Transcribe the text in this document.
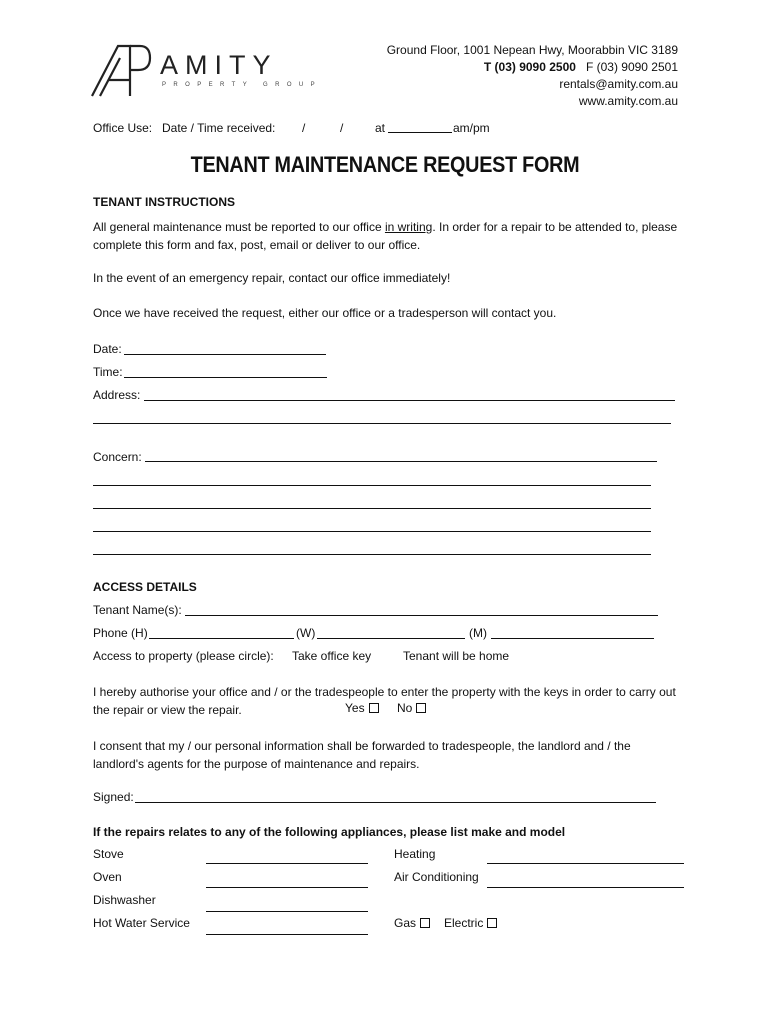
AMITY
PROPERTY GROUP
Ground Floor, 1001 Nepean Hwy, Moorabbin VIC 3189
T (03) 9090 2500 F (03) 9090 2501
rentals@amity.com.au
www.amity.com.au
Office Use: Date / Time received: /	/	at	am/pm
TENANT MAINTENANCE REQUEST FORM
TENANT INSTRUCTIONS
All general maintenance must be reported to our office in writing. In order for a repair to be attended to, please complete this form and fax, post, email or deliver to our office.
In the event of an emergency repair, contact our office immediately!
Once we have received the request, either our office or a tradesperson will contact you.
Date:
Time:
Address:
Concern:
ACCESS DETAILS
Tenant Name(s):
Phone (H)	(W)	(M)
Access to property (please circle): Take office key	Tenant will be home
I hereby authorise your office and / or the tradespeople to enter the property with the keys in order to carry out the repair or view the repair.	Yes	No
I consent that my / our personal information shall be forwarded to tradespeople, the landlord and / the landlord's agents for the purpose of maintenance and repairs.
Signed:
If the repairs relates to any of the following appliances, please list make and model
Stove	Heating
Oven	Air Conditioning
Dishwasher
Hot Water Service	Gas	Electric
